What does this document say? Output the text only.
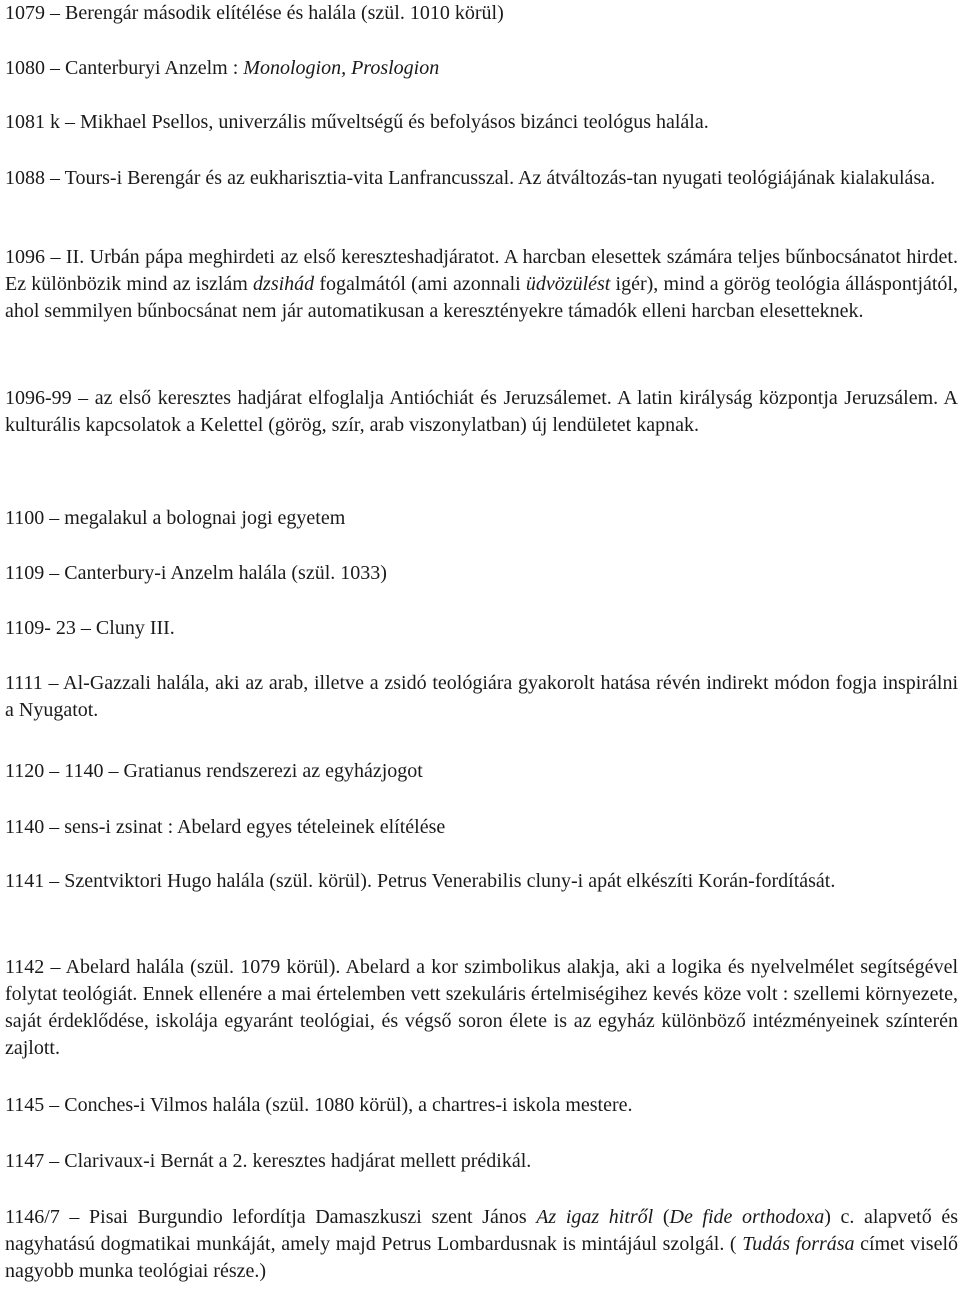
1079 – Berengár második elítélése és halála (szül. 1010 körül)

1080 – Canterburyi Anzelm : Monologion, Proslogion

1081 k – Mikhael Psellos, univerzális műveltségű és befolyásos bizánci teológus halála.

1088 – Tours-i Berengár és az eukharisztia-vita Lanfrancusszal. Az átváltozás-tan nyugati teológiájának kialakulása.

1096 – II. Urbán pápa meghirdeti az első kereszteshadjáratot. A harcban elesettek számára teljes bűnbocsánatot hirdet. Ez különbözik mind az iszlám dzsihád fogalmától (ami azonnali üdvözülést igér), mind a görög teológia álláspontjától, ahol semmilyen bűnbocsánat nem jár automatikusan a keresztényekre támadók elleni harcban elesetteknek.

1096-99 – az első keresztes hadjárat elfoglalja Antióchiát és Jeruzsálemet. A latin királyság központja Jeruzsálem. A kulturális kapcsolatok a Kelettel (görög, szír, arab viszonylatban) új lendületet kapnak.

1100 – megalakul a bolognai jogi egyetem

1109 – Canterbury-i Anzelm halála (szül. 1033)

1109- 23 – Cluny III.

1111 – Al-Gazzali halála, aki az arab, illetve a zsidó teológiára gyakorolt hatása révén indirekt módon fogja inspirálni a Nyugatot.

1120 – 1140 – Gratianus rendszerezi az egyházjogot

1140 – sens-i zsinat : Abelard egyes tételeinek elítélése

1141 – Szentviktori Hugo halála (szül. körül). Petrus Venerabilis cluny-i apát elkészíti Korán-fordítását.

1142 – Abelard halála (szül. 1079 körül). Abelard a kor szimbolikus alakja, aki a logika és nyelvelmélet segítségével folytat teológiát. Ennek ellenére a mai értelemben vett szekuláris értelmiségihez kevés köze volt : szellemi környezete, saját érdeklődése, iskolája egyaránt teológiai, és végső soron élete is az egyház különböző intézményeinek színterén zajlott.

1145 – Conches-i Vilmos halála (szül. 1080 körül), a chartres-i iskola mestere.

1147 – Clarivaux-i Bernát a 2. keresztes hadjárat mellett prédikál.

1146/7 – Pisai Burgundio lefordítja Damaszkuszi szent János Az igaz hitről (De fide orthodoxa) c. alapvető és nagyhatású dogmatikai munkáját, amely majd Petrus Lombardusnak is mintájául szolgál. ( Tudás forrása címet viselő nagyobb munka teológiai része.)
